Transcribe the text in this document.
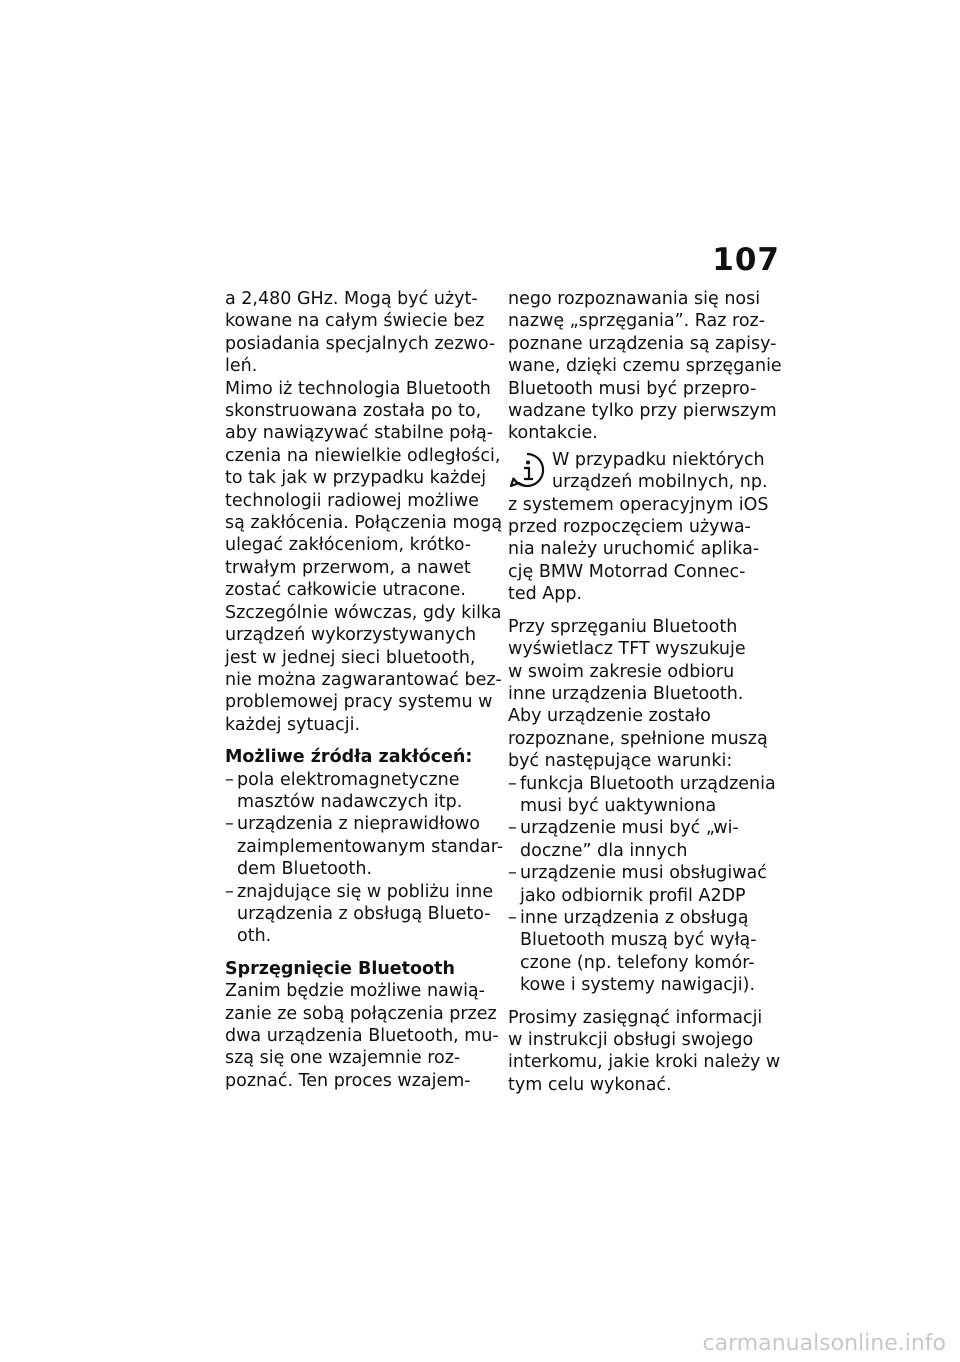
107
a 2,480 GHz. Mogą być użyt-
kowane na całym świecie bez
posiadania specjalnych zezwo-
leń.
Mimo iż technologia Bluetooth
skonstruowana została po to,
aby nawiązywać stabilne połą-
czenia na niewielkie odległości,
to tak jak w przypadku każdej
technologii radiowej możliwe
są zakłócenia. Połączenia mogą
ulegać zakłóceniom, krótko-
trwałym przerwom, a nawet
zostać całkowicie utracone.
Szczególnie wówczas, gdy kilka
urządzeń wykorzystywanych
jest w jednej sieci bluetooth,
nie można zagwarantować bez-
problemowej pracy systemu w
każdej sytuacji.
Możliwe źródła zakłóceń:
– pola elektromagnetyczne
masztów nadawczych itp.
– urządzenia z nieprawidłowo
zaimplementowanym standar-
dem Bluetooth.
– znajdujące się w pobliżu inne
urządzenia z obsługą Blueto-
oth.
Sprzęgnięcie Bluetooth
Zanim będzie możliwe nawią-
zanie ze sobą połączenia przez
dwa urządzenia Bluetooth, mu-
szą się one wzajemnie roz-
poznać. Ten proces wzajem-
nego rozpoznawania się nosi
nazwę „sprzęgania”. Raz roz-
poznane urządzenia są zapisy-
wane, dzięki czemu sprzęganie
Bluetooth musi być przepro-
wadzane tylko przy pierwszym
kontakcie.
W przypadku niektórych
urządzeń mobilnych, np.
z systemem operacyjnym iOS
przed rozpoczęciem używa-
nia należy uruchomić aplika-
cję BMW Motorrad Connec-
ted App.
Przy sprzęganiu Bluetooth
wyświetlacz TFT wyszukuje
w swoim zakresie odbioru
inne urządzenia Bluetooth.
Aby urządzenie zostało
rozpoznane, spełnione muszą
być następujące warunki:
– funkcja Bluetooth urządzenia
musi być uaktywniona
– urządzenie musi być „wi-
doczne” dla innych
– urządzenie musi obsługiwać
jako odbiornik profil A2DP
– inne urządzenia z obsługą
Bluetooth muszą być wyłą-
czone (np. telefony komór-
kowe i systemy nawigacji).
Prosimy zasięgnąć informacji
w instrukcji obsługi swojego
interkomu, jakie kroki należy w
tym celu wykonać.
carmanualsonline.info
